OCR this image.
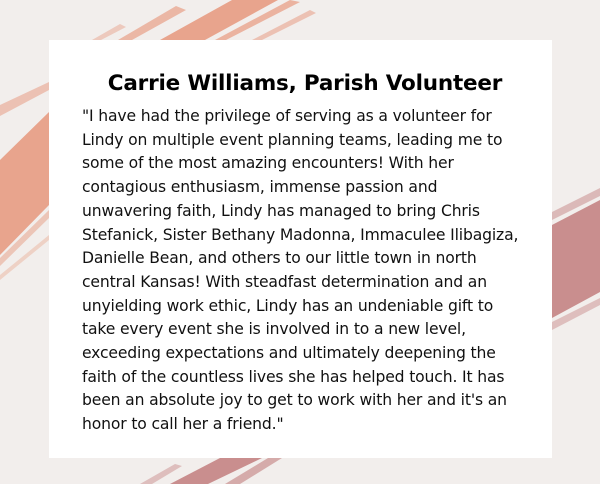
Carrie Williams, Parish Volunteer

"I have had the privilege of serving as a volunteer for
Lindy on multiple event planning teams, leading me to
some of the most amazing encounters! With her
contagious enthusiasm, immense passion and
unwavering faith, Lindy has managed to bring Chris
Stefanick, Sister Bethany Madonna, Immaculee Ilibagiza,
Danielle Bean, and others to our little town in north
central Kansas! With steadfast determination and an
unyielding work ethic, Lindy has an undeniable gift to
take every event she is involved in to a new level,
exceeding expectations and ultimately deepening the
faith of the countless lives she has helped touch. It has
been an absolute joy to get to work with her and it's an
honor to call her a friend."
